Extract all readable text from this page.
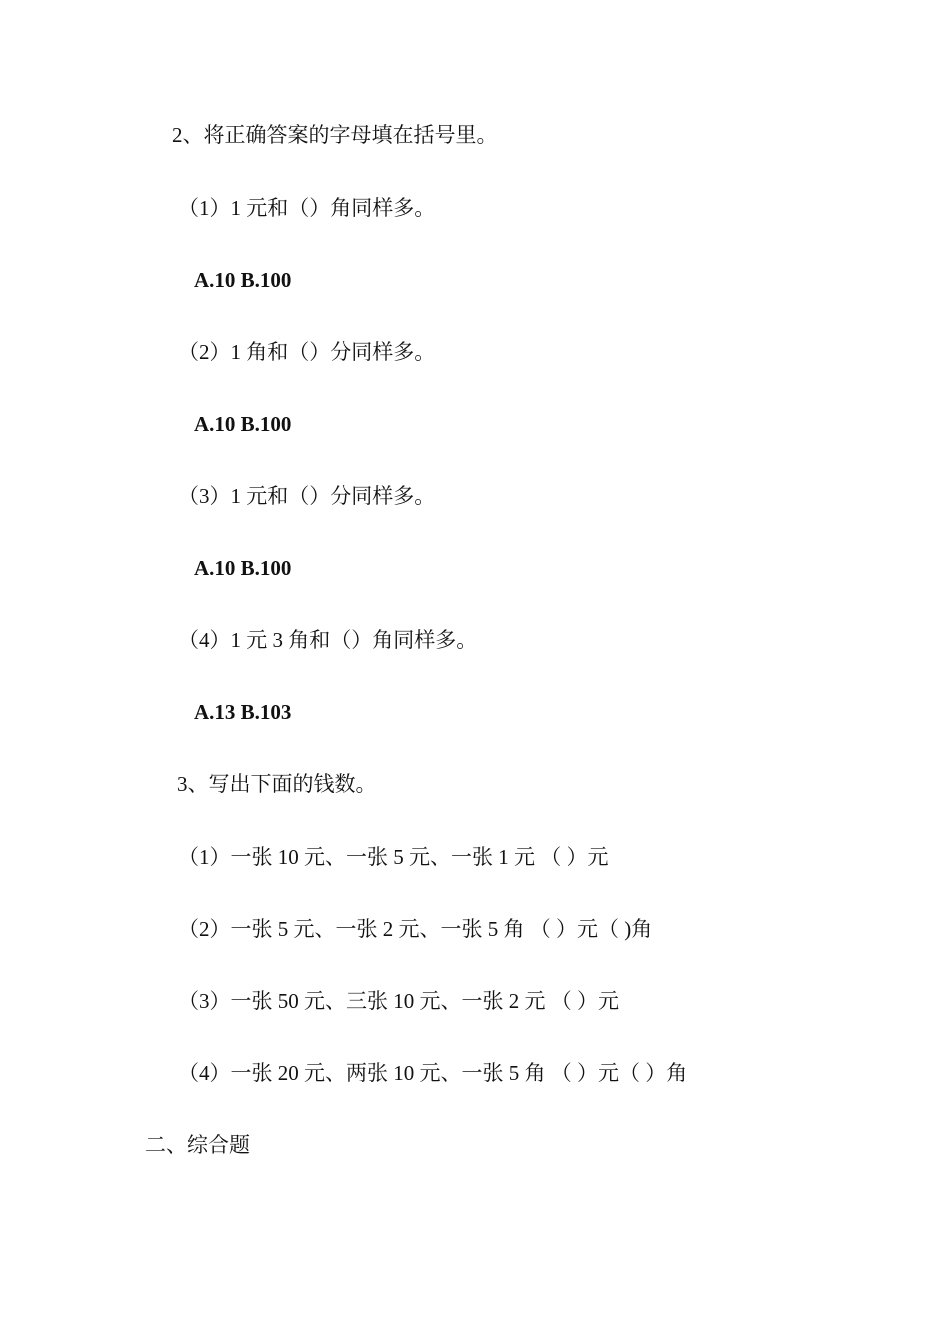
2、将正确答案的字母填在括号里。
（1）1 元和（）角同样多。
A.10 B.100
（2）1 角和（）分同样多。
A.10 B.100
（3）1 元和（）分同样多。
A.10 B.100
（4）1 元 3 角和（）角同样多。
A.13 B.103
3、写出下面的钱数。
（1）一张 10 元、一张 5 元、一张 1 元 （ ）元
（2）一张 5 元、一张 2 元、一张 5 角 （ ）元（ )角
（3）一张 50 元、三张 10 元、一张 2 元 （ ）元
（4）一张 20 元、两张 10 元、一张 5 角 （ ）元（ ）角
二、综合题
